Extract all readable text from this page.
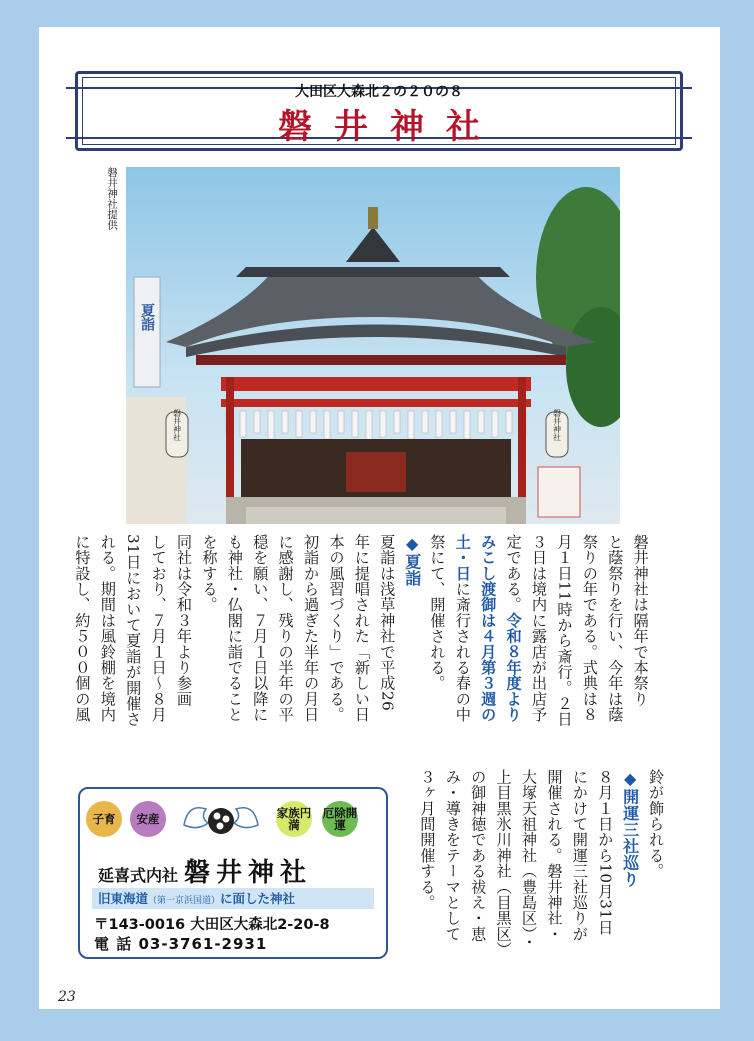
大田区大森北２の２０の８
磐井神社
磐井神社提供
磐井神社	磐井神社
夏詣
磐井神社は隔年で本祭り
と蔭祭りを行い、今年は蔭
祭りの年である。式典は８
月１日11時から斎行。２日
３日は境内に露店が出店予
定である。令和８年度より
みこし渡御は４月第３週の
土・日に斎行される春の中
祭にて、開催される。
◆夏詣
夏詣は浅草神社で平成26
年に提唱された「新しい日
本の風習づくり」である。
初詣から過ぎた半年の月日
に感謝し、残りの半年の平
穏を願い、７月１日以降に
も神社・仏閣に詣でること
を称する。
同社は令和３年より参画
しており、７月１日～８月
31日において夏詣が開催さ
れる。期間は風鈴棚を境内
に特設し、約５００個の風
鈴が飾られる。
◆開運三社巡り
８月１日から10月31日
にかけて開運三社巡りが
開催される。磐井神社・
大塚天祖神社（豊島区）・
上目黒氷川神社（目黒区）
の御神徳である祓え・恵
み・導きをテーマとして
３ヶ月間開催する。
子育	安産	家族円満
厄除開運
延喜式内社 磐井神社
旧東海道（第一京浜国道）に面した神社
〒143-0016 大田区大森北2-20-8
電 話 03-3761-2931
23
